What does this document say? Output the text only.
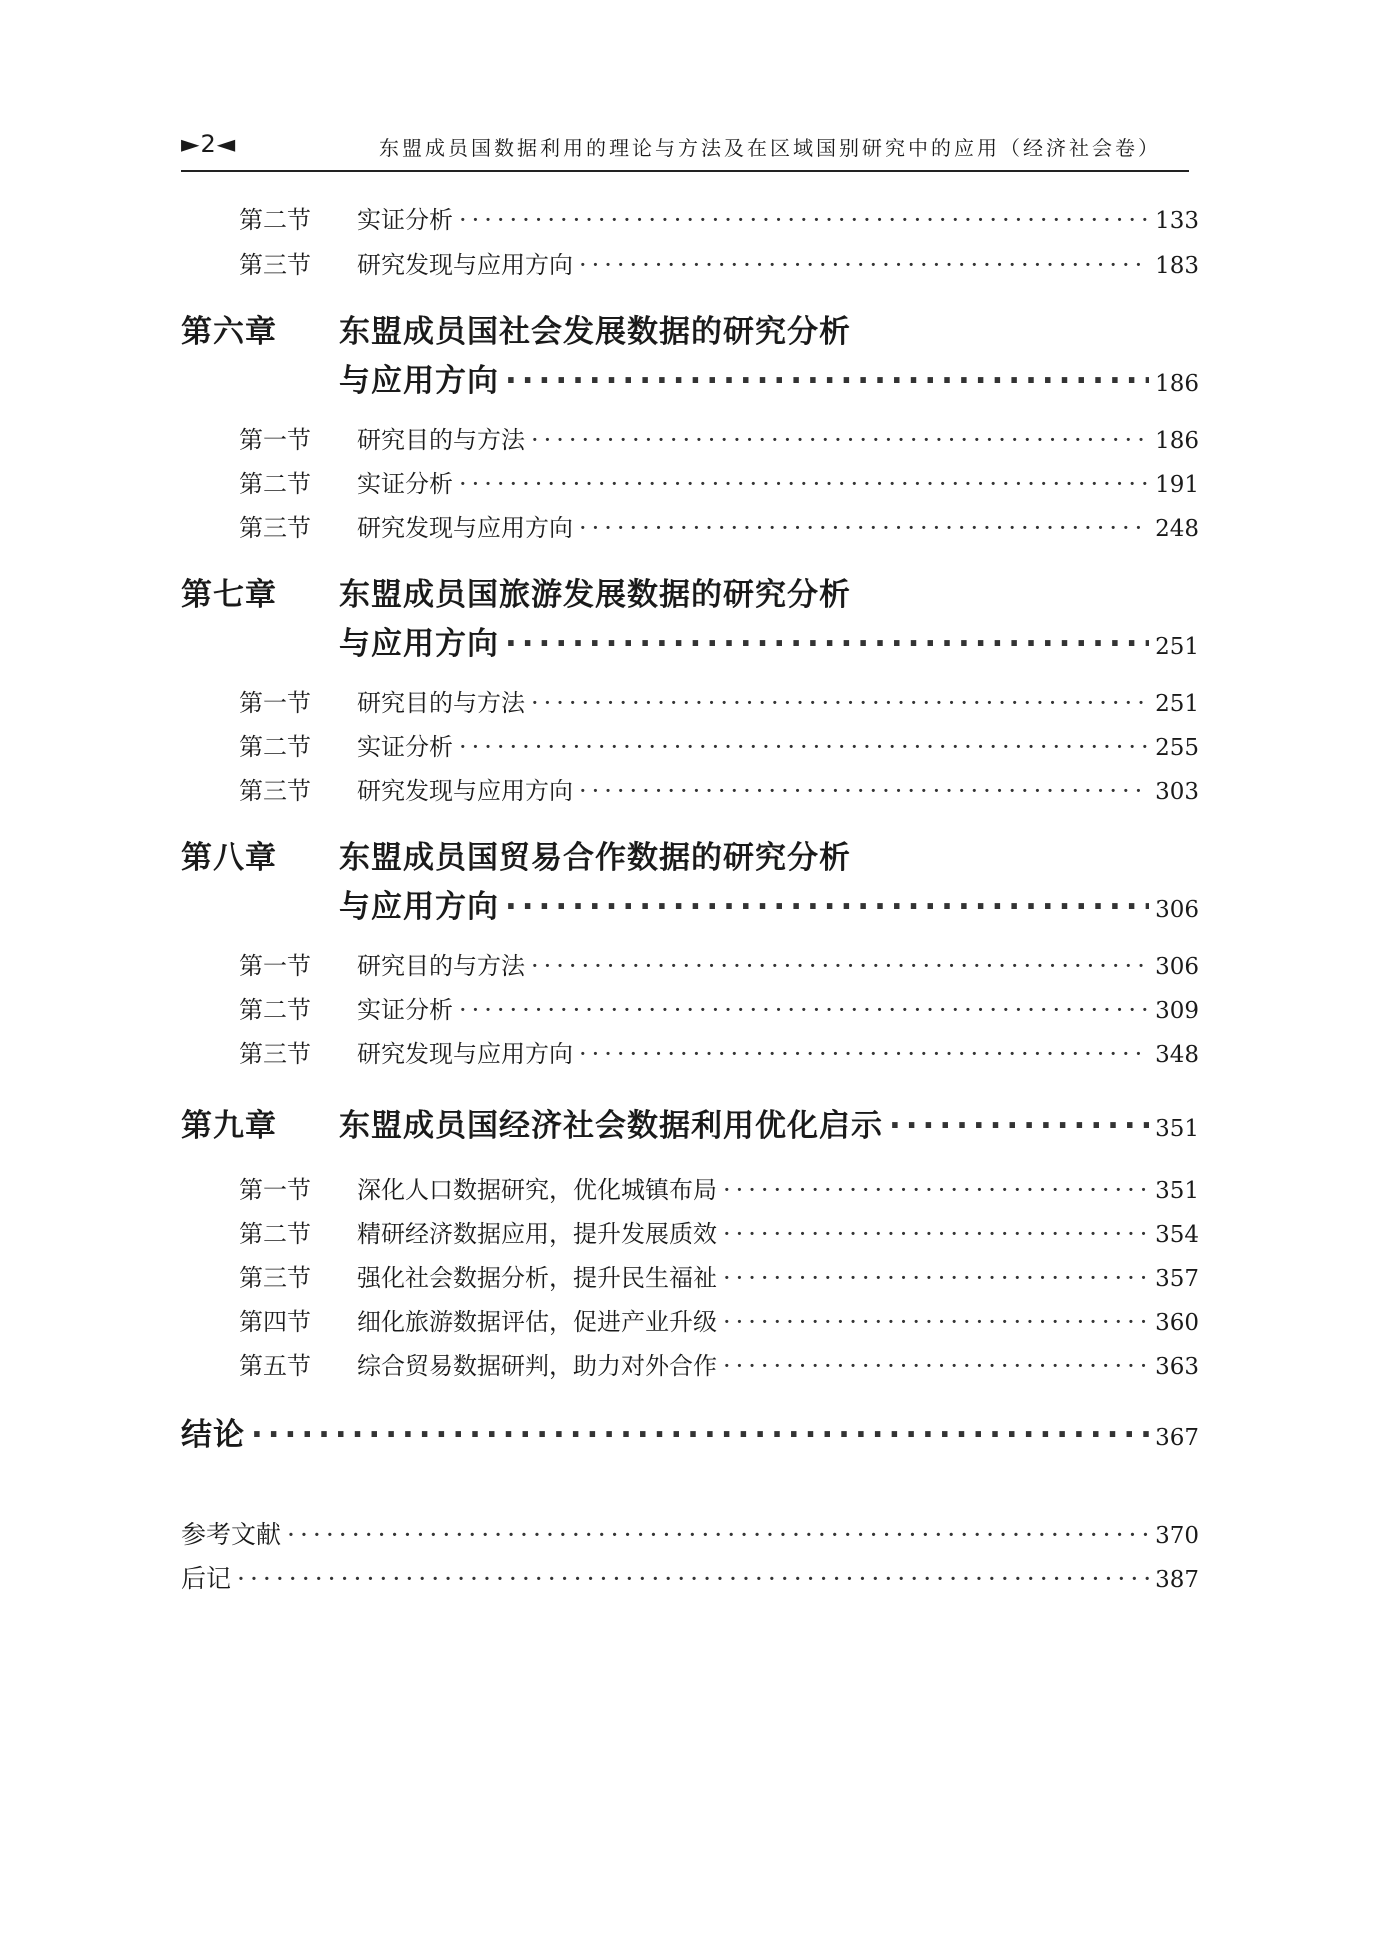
►2◄	东盟成员国数据利用的理论与方法及在区域国别研究中的应用（经济社会卷）
第二节	实证分析 ·····	133
第三节	研究发现与应用方向 ·····	183
第六章 东盟成员国社会发展数据的研究分析
与应用方向 ·····	186
第一节	研究目的与方法 ·····	186
第二节	实证分析 ·····	191
第三节	研究发现与应用方向 ·····	248
第七章 东盟成员国旅游发展数据的研究分析
与应用方向 ·····	251
第一节	研究目的与方法 ·····	251
第二节	实证分析 ·····	255
第三节	研究发现与应用方向 ·····	303
第八章 东盟成员国贸易合作数据的研究分析
与应用方向 ·····	306
第一节	研究目的与方法 ·····	306
第二节	实证分析 ·····	309
第三节	研究发现与应用方向 ·····	348
第九章	东盟成员国经济社会数据利用优化启示 ·····	351
第一节	深化人口数据研究，优化城镇布局 ·····	351
第二节	精研经济数据应用，提升发展质效 ·····	354
第三节	强化社会数据分析，提升民生福祉 ·····	357
第四节	细化旅游数据评估，促进产业升级 ·····	360
第五节	综合贸易数据研判，助力对外合作 ·····	363
结论 ·····	367
参考文献 ·····	370
后记 ·····	387
